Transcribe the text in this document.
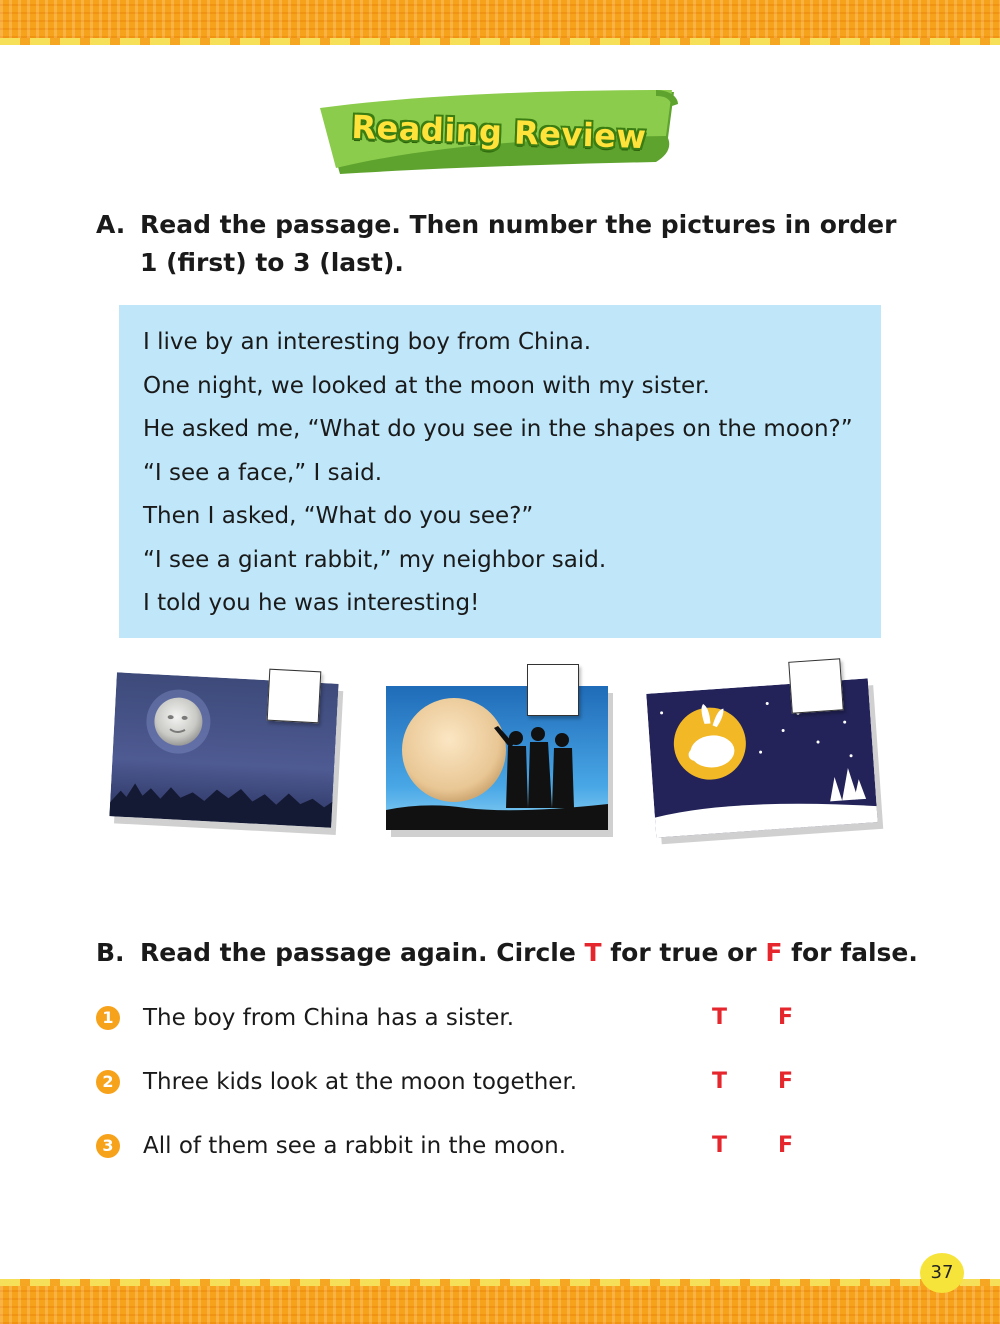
Reading Review
A. Read the passage. Then number the pictures in order
1 (first) to 3 (last).

I live by an interesting boy from China.

One night, we looked at the moon with my sister.

He asked me, “What do you see in the shapes on the moon?”

“I see a face,” I said.

Then I asked, “What do you see?”

“I see a giant rabbit,” my neighbor said.

I told you he was interesting!

B. Read the passage again. Circle T for true or F for false.
1 The boy from China has a sister.	T F
2 Three kids look at the moon together.	T F
3 All of them see a rabbit in the moon.	T F
37
